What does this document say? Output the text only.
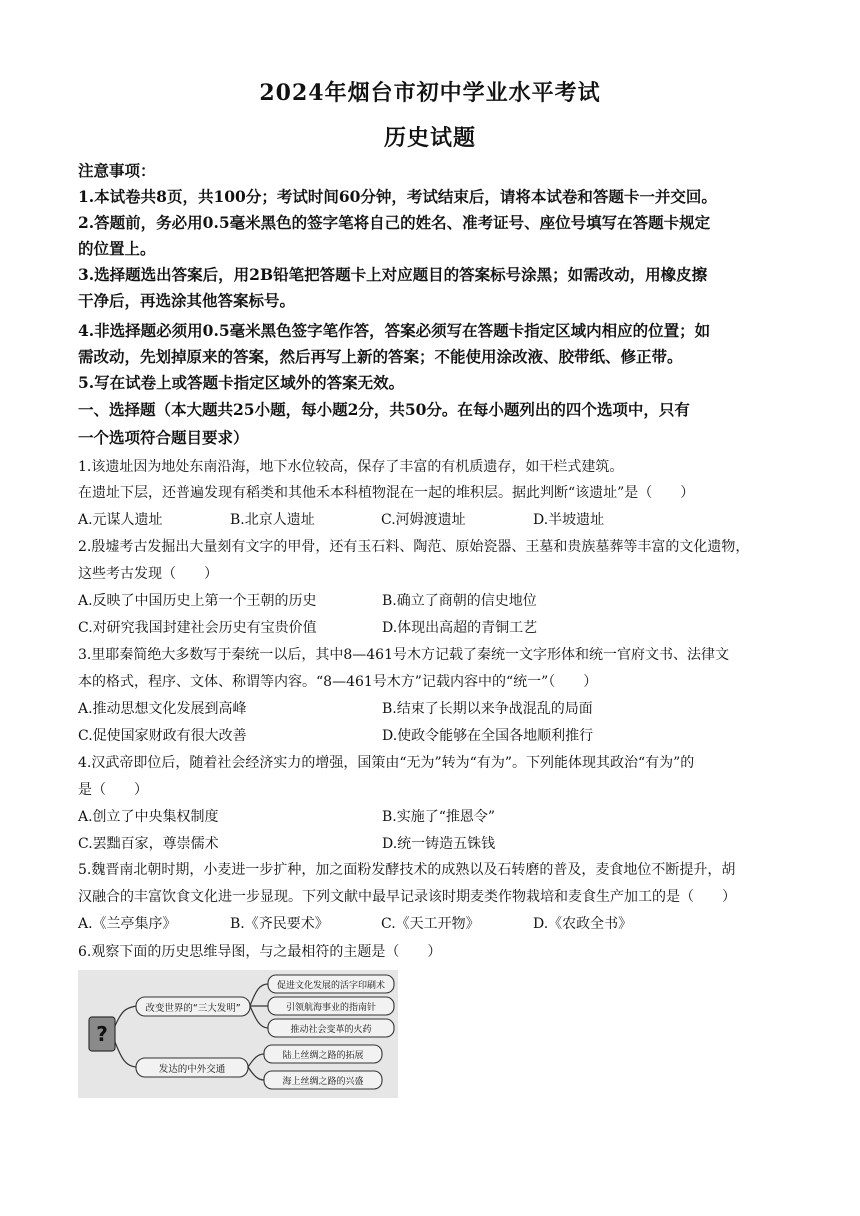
2024年烟台市初中学业水平考试
历史试题
注意事项：
1.本试卷共8页，共100分；考试时间60分钟，考试结束后，请将本试卷和答题卡一并交回。
2.答题前，务必用0.5毫米黑色的签字笔将自己的姓名、准考证号、座位号填写在答题卡规定
的位置上。
3.选择题选出答案后，用2B铅笔把答题卡上对应题目的答案标号涂黑；如需改动，用橡皮擦
干净后，再选涂其他答案标号。
4.非选择题必须用0.5毫米黑色签字笔作答，答案必须写在答题卡指定区域内相应的位置；如
需改动，先划掉原来的答案，然后再写上新的答案；不能使用涂改液、胶带纸、修正带。
5.写在试卷上或答题卡指定区域外的答案无效。
一、选择题（本大题共25小题，每小题2分，共50分。在每小题列出的四个选项中，只有
一个选项符合题目要求）
1.该遗址因为地处东南沿海，地下水位较高，保存了丰富的有机质遗存，如干栏式建筑。
在遗址下层，还普遍发现有稻类和其他禾本科植物混在一起的堆积层。据此判断“该遗址”是（　　）
A.元谋人遗址	B.北京人遗址	C.河姆渡遗址	D.半坡遗址
2.殷墟考古发掘出大量刻有文字的甲骨，还有玉石料、陶范、原始瓷器、王墓和贵族墓葬等丰富的文化遗物，
这些考古发现（　　）
A.反映了中国历史上第一个王朝的历史	B.确立了商朝的信史地位
C.对研究我国封建社会历史有宝贵价值	D.体现出高超的青铜工艺
3.里耶秦简绝大多数写于秦统一以后，其中8—461号木方记载了秦统一文字形体和统一官府文书、法律文
本的格式，程序、文体、称谓等内容。“8—461号木方”记载内容中的“统一”（　　）
A.推动思想文化发展到高峰	B.结束了长期以来争战混乱的局面
C.促使国家财政有很大改善	D.使政令能够在全国各地顺利推行
4.汉武帝即位后，随着社会经济实力的增强，国策由“无为”转为“有为”。下列能体现其政治“有为”的
是（　　）
A.创立了中央集权制度	B.实施了“推恩令”
C.罢黜百家，尊崇儒术	D.统一铸造五铢钱
5.魏晋南北朝时期，小麦进一步扩种，加之面粉发酵技术的成熟以及石转磨的普及，麦食地位不断提升，胡
汉融合的丰富饮食文化进一步显现。下列文献中最早记录该时期麦类作物栽培和麦食生产加工的是（　　）
A.《兰亭集序》	B.《齐民要术》	C.《天工开物》	D.《农政全书》
6.观察下面的历史思维导图，与之最相符的主题是（　　）
?
改变世界的“三大发明”
发达的中外交通
促进文化发展的活字印刷术
引领航海事业的指南针
推动社会变革的火药
陆上丝绸之路的拓展
海上丝绸之路的兴盛
